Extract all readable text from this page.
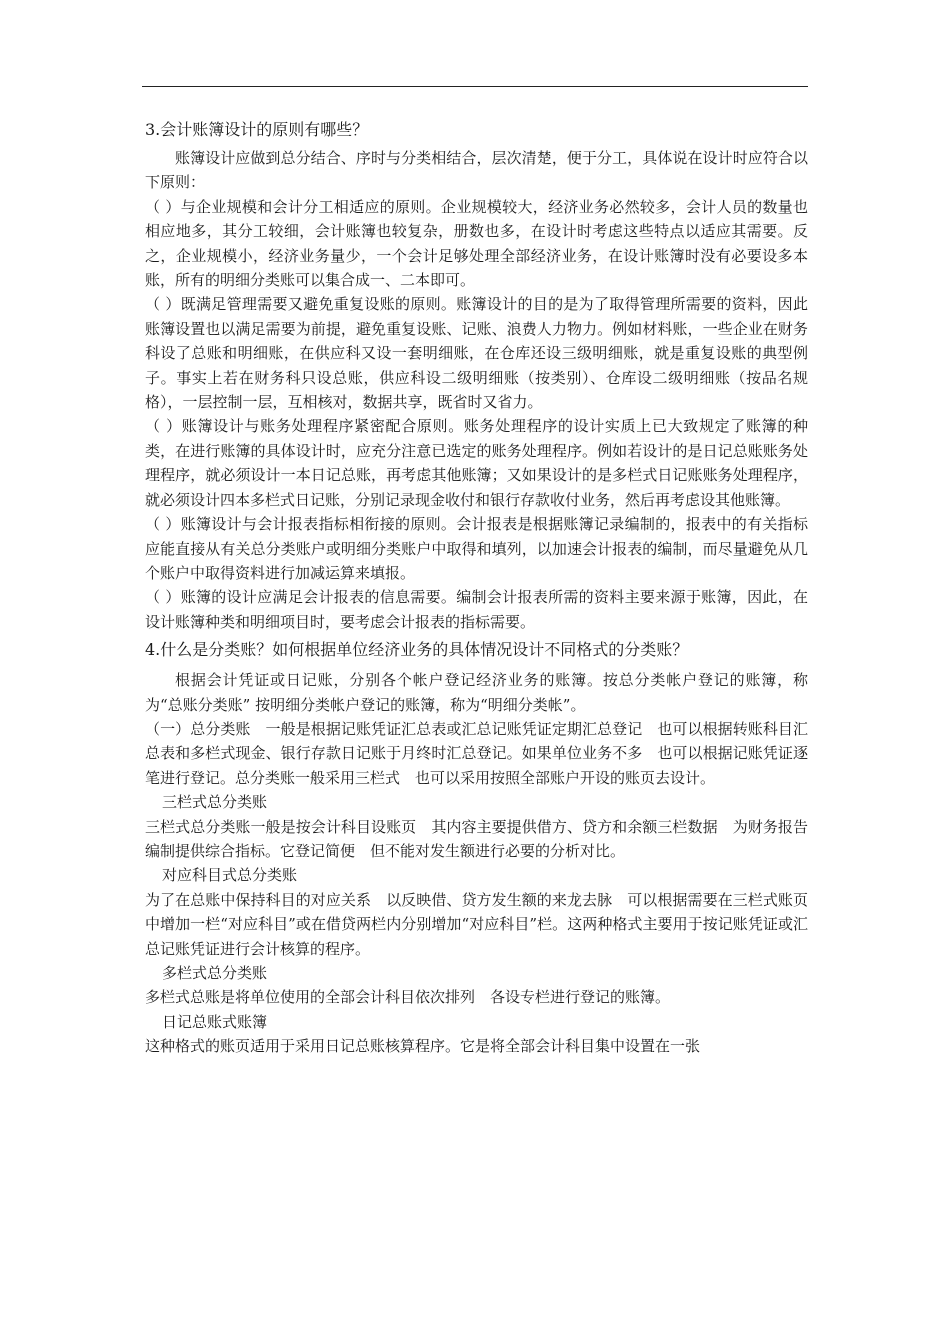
3.会计账簿设计的原则有哪些？

账簿设计应做到总分结合、序时与分类相结合，层次清楚，便于分工，具体说在设计时应符合以下原则：

（ ）与企业规模和会计分工相适应的原则。企业规模较大，经济业务必然较多，会计人员的数量也相应地多，其分工较细，会计账簿也较复杂，册数也多，在设计时考虑这些特点以适应其需要。反之，企业规模小，经济业务量少，一个会计足够处理全部经济业务，在设计账簿时没有必要设多本账，所有的明细分类账可以集合成一、二本即可。

（ ）既满足管理需要又避免重复设账的原则。账簿设计的目的是为了取得管理所需要的资料，因此账簿设置也以满足需要为前提，避免重复设账、记账、浪费人力物力。例如材料账，一些企业在财务科设了总账和明细账，在供应科又设一套明细账，在仓库还设三级明细账，就是重复设账的典型例子。事实上若在财务科只设总账，供应科设二级明细账（按类别）、仓库设二级明细账（按品名规格），一层控制一层，互相核对，数据共享，既省时又省力。

（ ）账簿设计与账务处理程序紧密配合原则。账务处理程序的设计实质上已大致规定了账簿的种类，在进行账簿的具体设计时，应充分注意已选定的账务处理程序。例如若设计的是日记总账账务处理程序，就必须设计一本日记总账，再考虑其他账簿；又如果设计的是多栏式日记账账务处理程序，就必须设计四本多栏式日记账，分别记录现金收付和银行存款收付业务，然后再考虑设其他账簿。

（ ）账簿设计与会计报表指标相衔接的原则。会计报表是根据账簿记录编制的，报表中的有关指标应能直接从有关总分类账户或明细分类账户中取得和填列，以加速会计报表的编制，而尽量避免从几个账户中取得资料进行加减运算来填报。

（ ）账簿的设计应满足会计报表的信息需要。编制会计报表所需的资料主要来源于账簿，因此，在设计账簿种类和明细项目时，要考虑会计报表的指标需要。

4.什么是分类账？如何根据单位经济业务的具体情况设计不同格式的分类账？

根据会计凭证或日记账，分别各个帐户登记经济业务的账簿。按总分类帐户登记的账簿，称为“总账分类账” 按明细分类帐户登记的账簿，称为“明细分类帐”。

（一）总分类账　一般是根据记账凭证汇总表或汇总记账凭证定期汇总登记　也可以根据转账科目汇总表和多栏式现金、银行存款日记账于月终时汇总登记。如果单位业务不多　也可以根据记账凭证逐笔进行登记。总分类账一般采用三栏式　也可以采用按照全部账户开设的账页去设计。

三栏式总分类账

三栏式总分类账一般是按会计科目设账页　其内容主要提供借方、贷方和余额三栏数据　为财务报告编制提供综合指标。它登记简便　但不能对发生额进行必要的分析对比。

对应科目式总分类账

为了在总账中保持科目的对应关系　以反映借、贷方发生额的来龙去脉　可以根据需要在三栏式账页中增加一栏“对应科目”或在借贷两栏内分别增加“对应科目”栏。这两种格式主要用于按记账凭证或汇总记账凭证进行会计核算的程序。

多栏式总分类账

多栏式总账是将单位使用的全部会计科目依次排列　各设专栏进行登记的账簿。

日记总账式账簿

这种格式的账页适用于采用日记总账核算程序。它是将全部会计科目集中设置在一张
